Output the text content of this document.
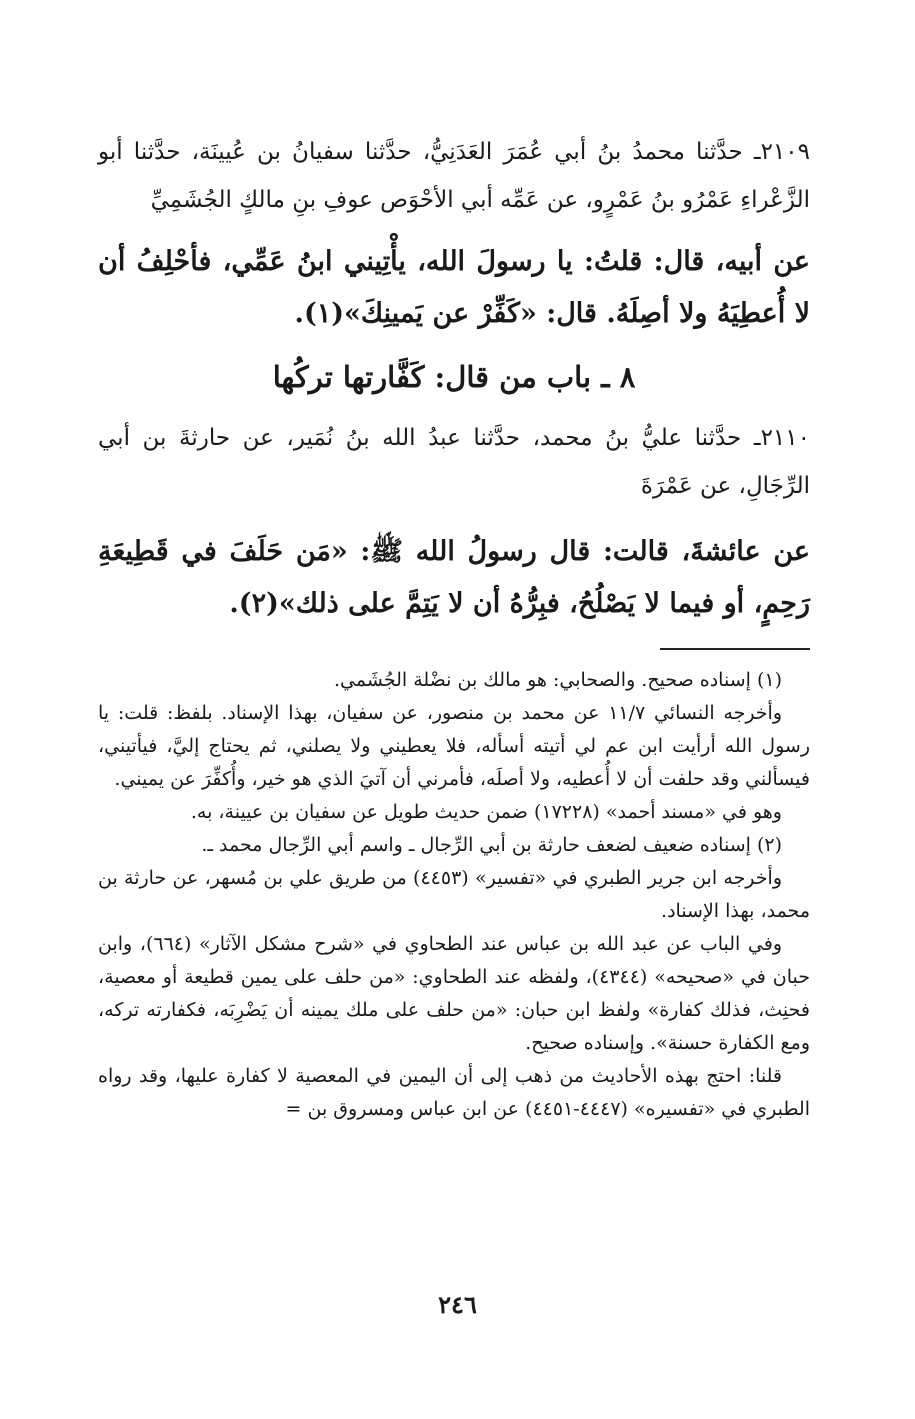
٢١٠٩ـ حدَّثنا محمدُ بنُ أبي عُمَرَ العَدَنِيُّ، حدَّثنا سفيانُ بن عُيينَة، حدَّثنا أبو الزَّعْراءِ عَمْرُو بنُ عَمْرٍو، عن عَمِّه أبي الأحْوَص عوفِ بنِ مالكٍ الجُشَمِيِّ

عن أبيه، قال: قلتُ: يا رسولَ الله، يأْتِيني ابنُ عَمِّي، فأحْلِفُ أن لا أُعطِيَهُ ولا أصِلَهُ. قال: «كَفِّرْ عن يَمينِكَ»(١).

٨ ـ باب من قال: كَفَّارتها تركُها

٢١١٠ـ حدَّثنا عليُّ بنُ محمد، حدَّثنا عبدُ الله بنُ نُمَير، عن حارثةَ بن أبي الرِّجَالِ، عن عَمْرَةَ

عن عائشةَ، قالت: قال رسولُ الله ﷺ: «مَن حَلَفَ في قَطِيعَةِ رَحِمٍ، أو فيما لا يَصْلُحُ، فبِرُّهُ أن لا يَتِمَّ على ذلك»(٢).

(١) إسناده صحيح. والصحابي: هو مالك بن نضْلة الجُشَمي.

وأخرجه النسائي ١١/٧ عن محمد بن منصور، عن سفيان، بهذا الإسناد. بلفظ: قلت: يا رسول الله أرأيت ابن عم لي أتيته أسأله، فلا يعطيني ولا يصلني، ثم يحتاج إليَّ، فيأتيني، فيسألني وقد حلفت أن لا أُعطيه، ولا أصلَه، فأمرني أن آتيَ الذي هو خير، وأُكفِّرَ عن يميني.

وهو في «مسند أحمد» (١٧٢٢٨) ضمن حديث طويل عن سفيان بن عيينة، به.

(٢) إسناده ضعيف لضعف حارثة بن أبي الرِّجال ـ واسم أبي الرِّجال محمد ـ.

وأخرجه ابن جرير الطبري في «تفسير» (٤٤٥٣) من طريق علي بن مُسهر، عن حارثة بن محمد، بهذا الإسناد.

وفي الباب عن عبد الله بن عباس عند الطحاوي في «شرح مشكل الآثار» (٦٦٤)، وابن حبان في «صحيحه» (٤٣٤٤)، ولفظه عند الطحاوي: «من حلف على يمين قطيعة أو معصية، فحنِث، فذلك كفارة» ولفظ ابن حبان: «من حلف على ملك يمينه أن يَضْرِبَه، فكفارته تركه، ومع الكفارة حسنة». وإسناده صحيح.

قلنا: احتج بهذه الأحاديث من ذهب إلى أن اليمين في المعصية لا كفارة عليها، وقد رواه الطبري في «تفسيره» (٤٤٤٧-٤٤٥١) عن ابن عباس ومسروق بن =

٢٤٦
